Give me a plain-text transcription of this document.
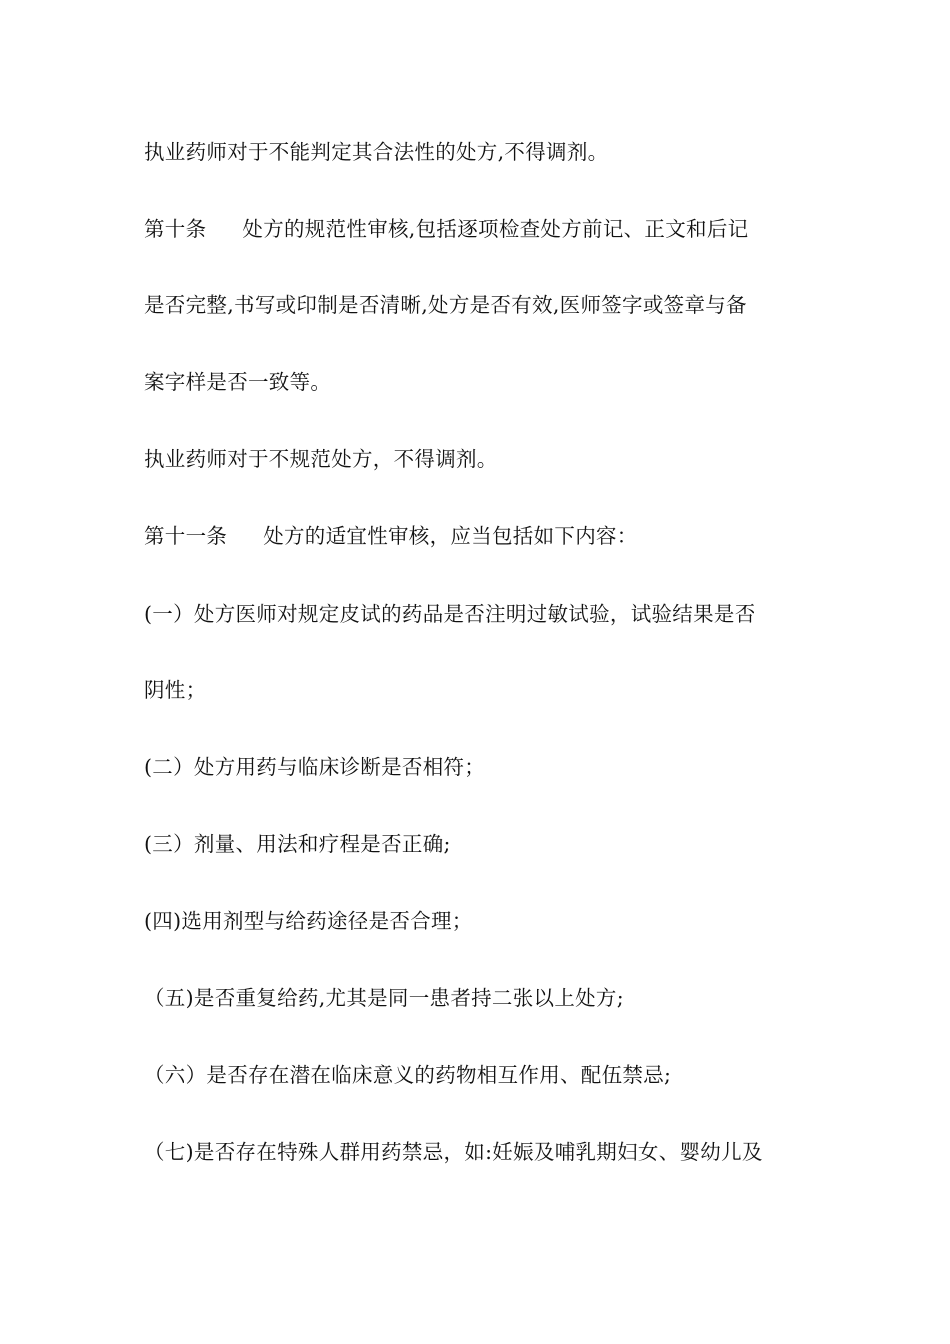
执业药师对于不能判定其合法性的处方,不得调剂。
第十条 处方的规范性审核,包括逐项检查处方前记、正文和后记
是否完整,书写或印制是否清晰,处方是否有效,医师签字或签章与备
案字样是否一致等。
执业药师对于不规范处方，不得调剂。
第十一条 处方的适宜性审核，应当包括如下内容：
(一）处方医师对规定皮试的药品是否注明过敏试验，试验结果是否
阴性；
(二）处方用药与临床诊断是否相符；
(三）剂量、用法和疗程是否正确;
(四)选用剂型与给药途径是否合理；
（五)是否重复给药,尤其是同一患者持二张以上处方;
（六）是否存在潜在临床意义的药物相互作用、配伍禁忌;
（七)是否存在特殊人群用药禁忌，如:妊娠及哺乳期妇女、婴幼儿及
